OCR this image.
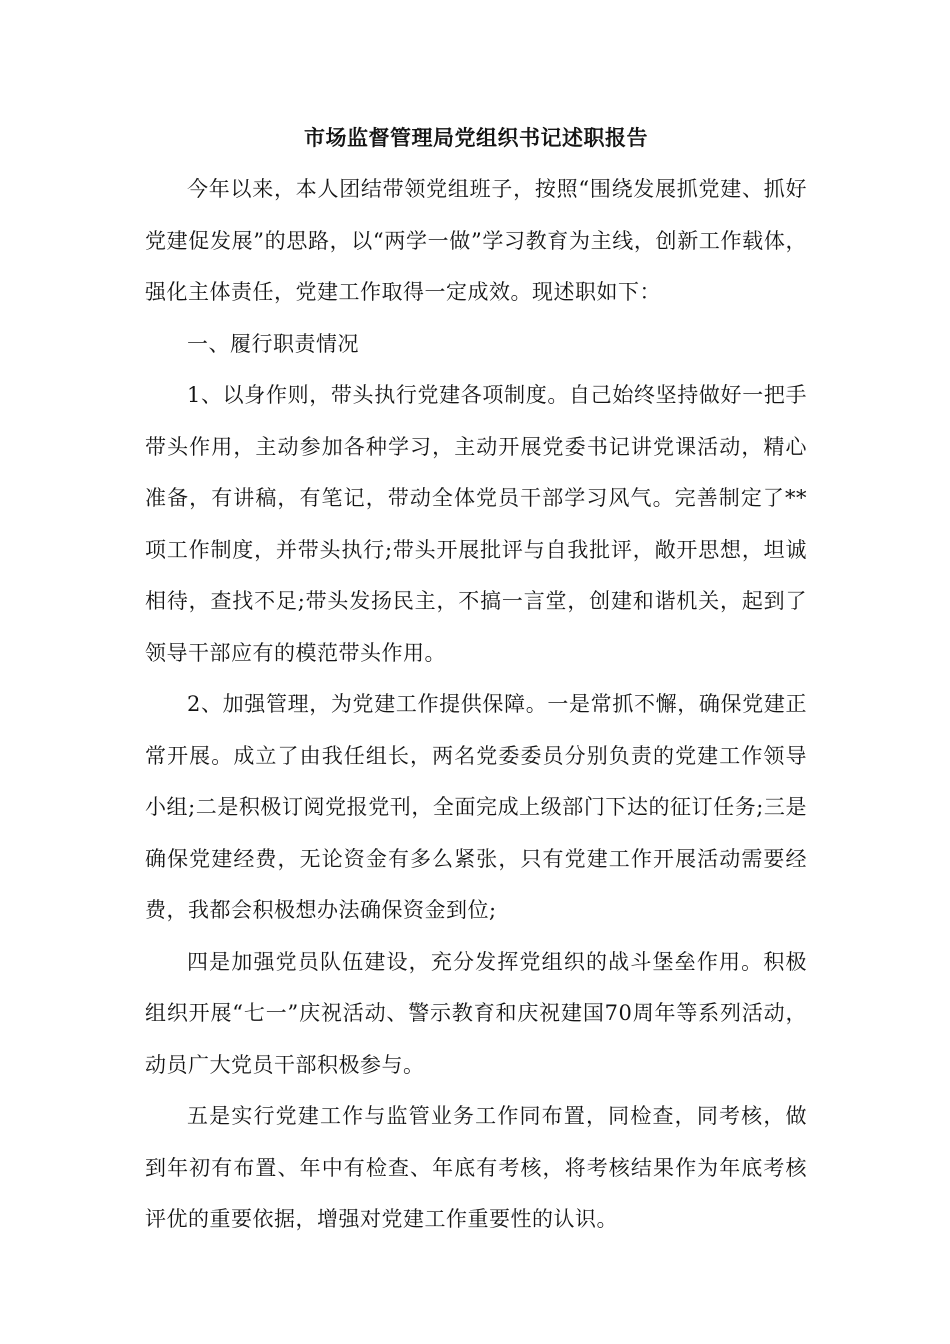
市场监督管理局党组织书记述职报告

今年以来，本人团结带领党组班子，按照“围绕发展抓党建、抓好党建促发展”的思路，以“两学一做”学习教育为主线，创新工作载体，强化主体责任，党建工作取得一定成效。现述职如下：

一、履行职责情况

1、以身作则，带头执行党建各项制度。自己始终坚持做好一把手带头作用，主动参加各种学习，主动开展党委书记讲党课活动，精心准备，有讲稿，有笔记，带动全体党员干部学习风气。完善制定了**项工作制度，并带头执行;带头开展批评与自我批评，敞开思想，坦诚相待，查找不足;带头发扬民主，不搞一言堂，创建和谐机关，起到了领导干部应有的模范带头作用。

2、加强管理，为党建工作提供保障。一是常抓不懈，确保党建正常开展。成立了由我任组长，两名党委委员分别负责的党建工作领导小组;二是积极订阅党报党刊，全面完成上级部门下达的征订任务;三是确保党建经费，无论资金有多么紧张，只有党建工作开展活动需要经费，我都会积极想办法确保资金到位;

四是加强党员队伍建设，充分发挥党组织的战斗堡垒作用。积极组织开展“七一”庆祝活动、警示教育和庆祝建国70周年等系列活动，动员广大党员干部积极参与。

五是实行党建工作与监管业务工作同布置，同检查，同考核，做到年初有布置、年中有检查、年底有考核，将考核结果作为年底考核评优的重要依据，增强对党建工作重要性的认识。
